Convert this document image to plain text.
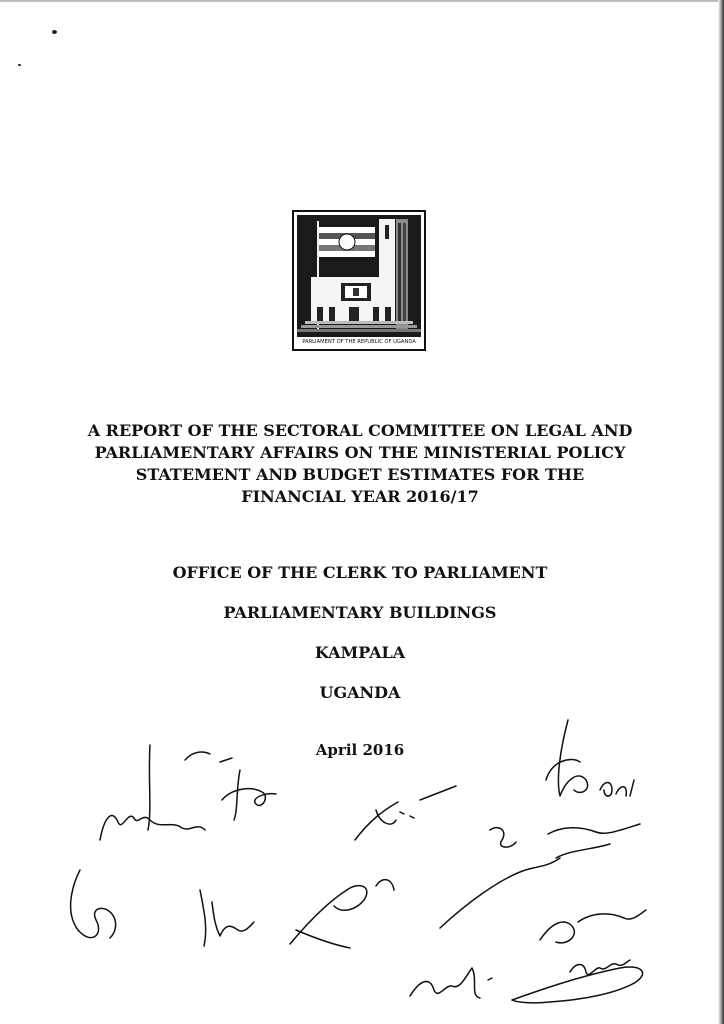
PARLIAMENT OF THE REPUBLIC OF UGANDA
A REPORT OF THE SECTORAL COMMITTEE ON LEGAL AND
PARLIAMENTARY AFFAIRS ON THE MINISTERIAL POLICY
STATEMENT AND BUDGET ESTIMATES FOR THE
FINANCIAL YEAR 2016/17
OFFICE OF THE CLERK TO PARLIAMENT
PARLIAMENTARY BUILDINGS
KAMPALA
UGANDA
April 2016
